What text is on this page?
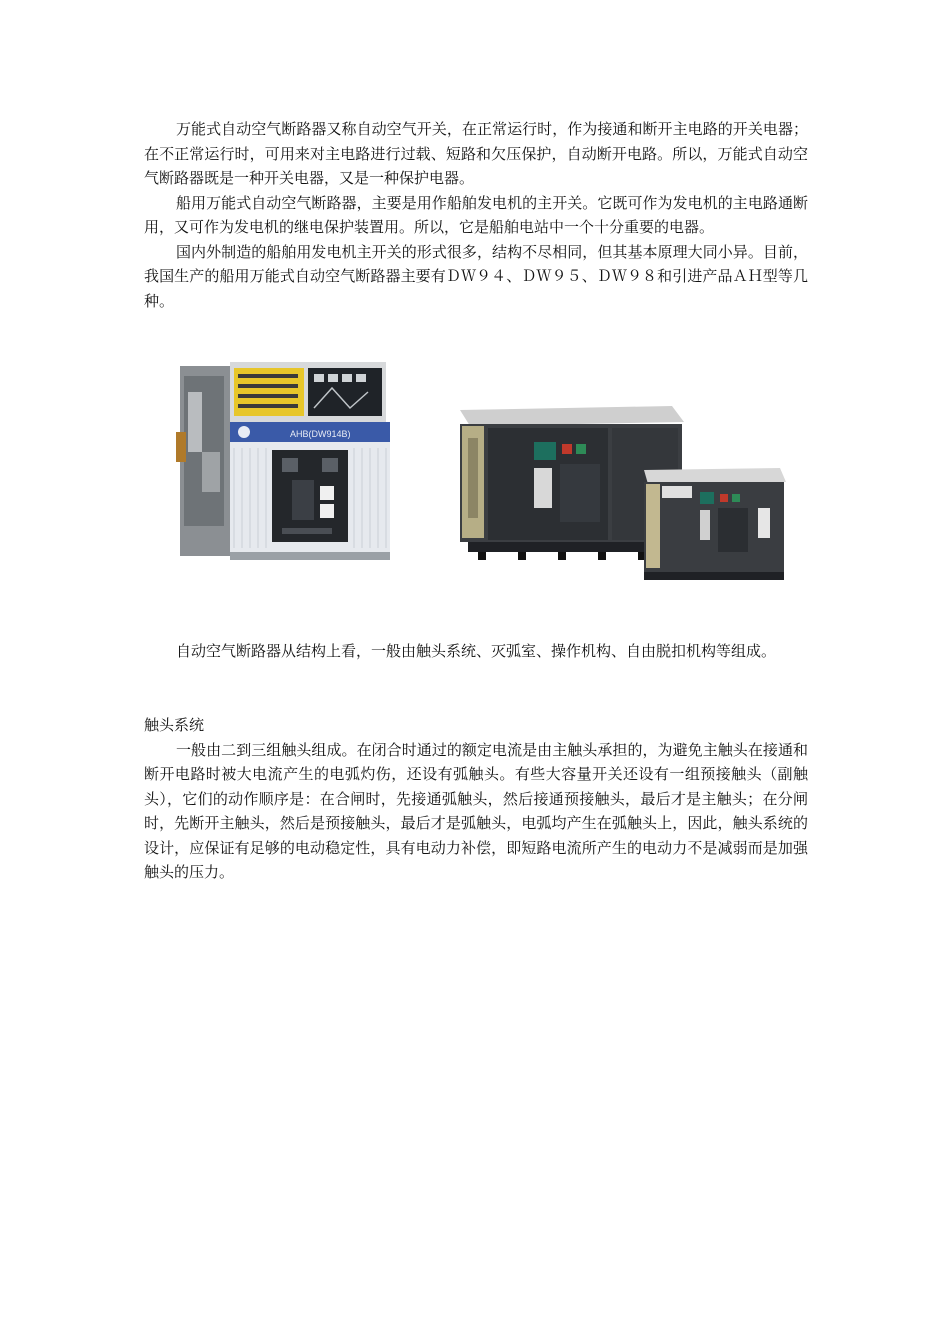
万能式自动空气断路器又称自动空气开关，在正常运行时，作为接通和断开主电路的开关电器；在不正常运行时，可用来对主电路进行过载、短路和欠压保护，自动断开电路。所以，万能式自动空气断路器既是一种开关电器，又是一种保护电器。

船用万能式自动空气断路器，主要是用作船舶发电机的主开关。它既可作为发电机的主电路通断用，又可作为发电机的继电保护装置用。所以，它是船舶电站中一个十分重要的电器。

国内外制造的船舶用发电机主开关的形式很多，结构不尽相同，但其基本原理大同小异。目前，我国生产的船用万能式自动空气断路器主要有ＤＷ９４、ＤＷ９５、ＤＷ９８和引进产品ＡＨ型等几种。

AHB(DW914B)

自动空气断路器从结构上看，一般由触头系统、灭弧室、操作机构、自由脱扣机构等组成。

触头系统

一般由二到三组触头组成。在闭合时通过的额定电流是由主触头承担的，为避免主触头在接通和断开电路时被大电流产生的电弧灼伤，还设有弧触头。有些大容量开关还设有一组预接触头（副触头），它们的动作顺序是：在合闸时，先接通弧触头，然后接通预接触头，最后才是主触头；在分闸时，先断开主触头，然后是预接触头，最后才是弧触头，电弧均产生在弧触头上，因此，触头系统的设计，应保证有足够的电动稳定性，具有电动力补偿，即短路电流所产生的电动力不是减弱而是加强触头的压力。
